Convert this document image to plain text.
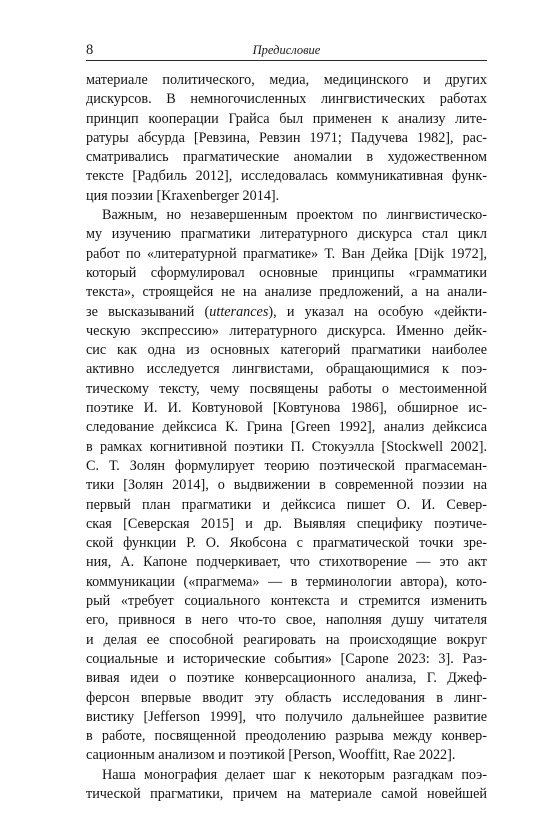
8	Предисловие
материале политического, медиа, медицинского и других
дискурсов. В немногочисленных лингвистических работах
принцип кооперации Грайса был применен к анализу лите-
ратуры абсурда [Ревзина, Ревзин 1971; Падучева 1982], рас-
сматривались прагматические аномалии в художественном
тексте [Радбиль 2012], исследовалась коммуникативная функ-
ция поэзии [Kraxenberger 2014].
Важным, но незавершенным проектом по лингвистическо-
му изучению прагматики литературного дискурса стал цикл
работ по «литературной прагматике» Т. Ван Дейка [Dijk 1972],
который сформулировал основные принципы «грамматики
текста», строящейся не на анализе предложений, а на анали-
зе высказываний (utterances), и указал на особую «дейкти-
ческую экспрессию» литературного дискурса. Именно дейк-
сис как одна из основных категорий прагматики наиболее
активно исследуется лингвистами, обращающимися к поэ-
тическому тексту, чему посвящены работы о местоименной
поэтике И. И. Ковтуновой [Ковтунова 1986], обширное ис-
следование дейксиса К. Грина [Green 1992], анализ дейксиса
в рамках когнитивной поэтики П. Стокуэлла [Stockwell 2002].
С. Т. Золян формулирует теорию поэтической прагмасеман-
тики [Золян 2014], о выдвижении в современной поэзии на
первый план прагматики и дейксиса пишет О. И. Север-
ская [Северская 2015] и др. Выявляя специфику поэтиче-
ской функции Р. О. Якобсона с прагматической точки зре-
ния, А. Капоне подчеркивает, что стихотворение — это акт
коммуникации («прагмема» — в терминологии автора), кото-
рый «требует социального контекста и стремится изменить
его, привнося в него что-то свое, наполняя душу читателя
и делая ее способной реагировать на происходящие вокруг
социальные и исторические события» [Capone 2023: 3]. Раз-
вивая идеи о поэтике конверсационного анализа, Г. Джеф-
ферсон впервые вводит эту область исследования в линг-
вистику [Jefferson 1999], что получило дальнейшее развитие
в работе, посвященной преодолению разрыва между конвер-
сационным анализом и поэтикой [Person, Wooffitt, Rae 2022].
Наша монография делает шаг к некоторым разгадкам поэ-
тической прагматики, причем на материале самой новейшей
